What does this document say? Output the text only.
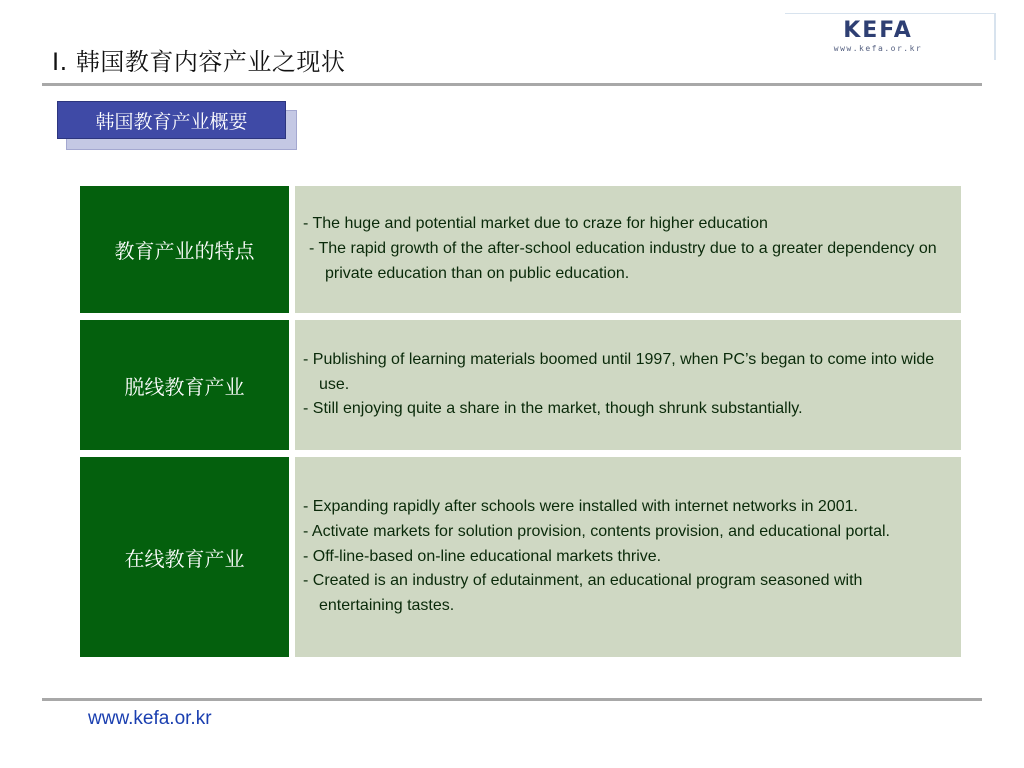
Ⅰ. 韩国教育内容产业之现状
KEFA
www.kefa.or.kr
韩国教育产业概要
教育产业的特点
- The huge and potential market due to craze for higher education
- The rapid growth of the after-school education industry due to a greater dependency on private education than on public education.
脱线教育产业
- Publishing of learning materials boomed until 1997, when PC’s began to come into wide use.
- Still enjoying quite a share in the market, though shrunk substantially.
在线教育产业
- Expanding rapidly after schools were installed with internet networks in 2001.
- Activate markets for solution provision, contents provision, and educational portal.
- Off-line-based on-line educational markets thrive.
- Created is an industry of edutainment, an educational program seasoned with entertaining tastes.
www.kefa.or.kr
